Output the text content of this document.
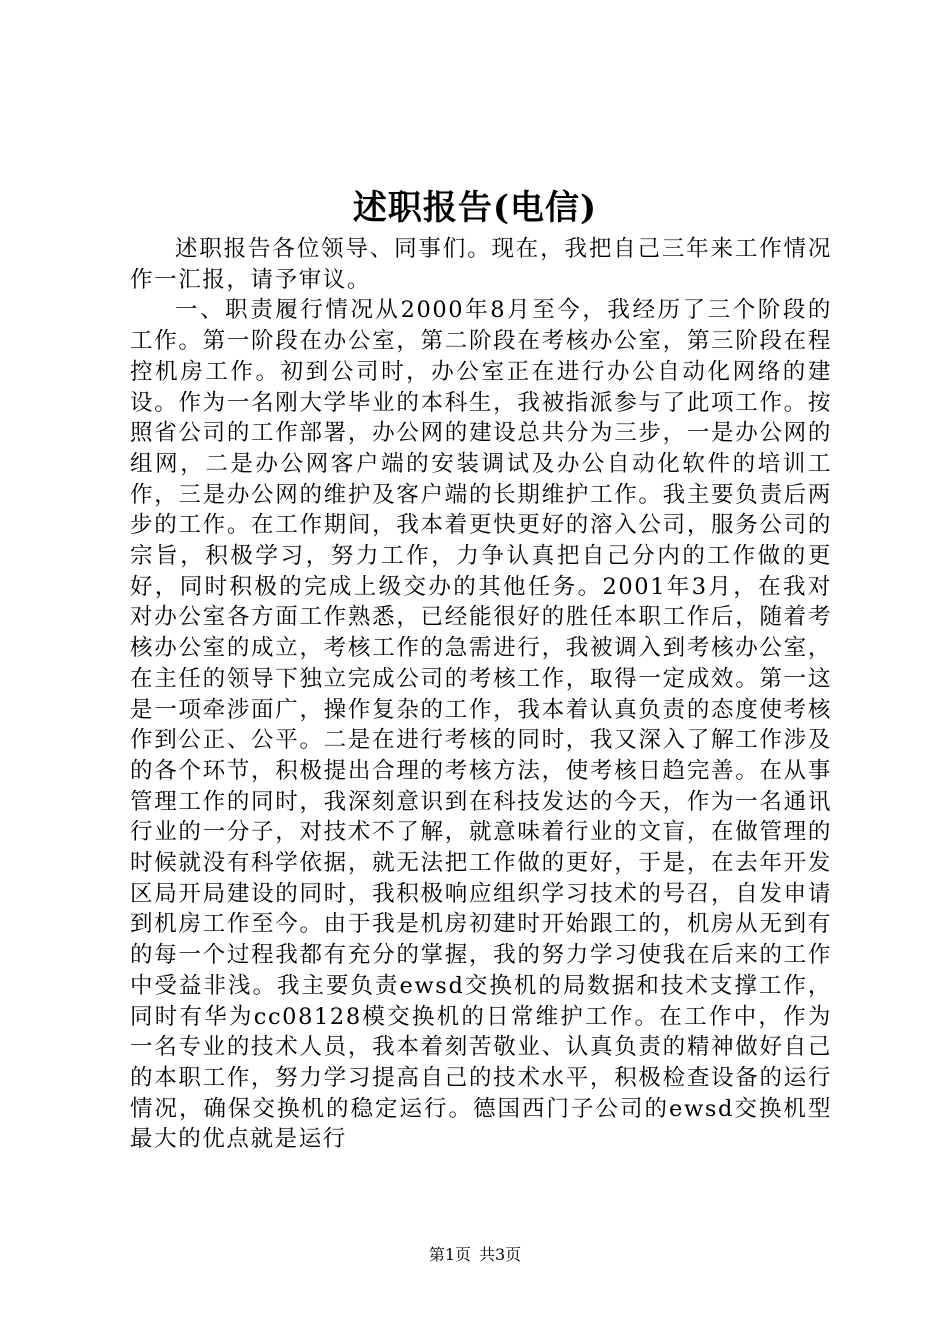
述职报告(电信)

述职报告各位领导、同事们。现在，我把自己三年来工作情况作一汇报，请予审议。

一、职责履行情况从2000年8月至今，我经历了三个阶段的工作。第一阶段在办公室，第二阶段在考核办公室，第三阶段在程控机房工作。初到公司时，办公室正在进行办公自动化网络的建设。作为一名刚大学毕业的本科生，我被指派参与了此项工作。按照省公司的工作部署，办公网的建设总共分为三步，一是办公网的组网，二是办公网客户端的安装调试及办公自动化软件的培训工作，三是办公网的维护及客户端的长期维护工作。我主要负责后两步的工作。在工作期间，我本着更快更好的溶入公司，服务公司的宗旨，积极学习，努力工作，力争认真把自己分内的工作做的更好，同时积极的完成上级交办的其他任务。2001年3月，在我对对办公室各方面工作熟悉，已经能很好的胜任本职工作后，随着考核办公室的成立，考核工作的急需进行，我被调入到考核办公室，在主任的领导下独立完成公司的考核工作，取得一定成效。第一这是一项牵涉面广，操作复杂的工作，我本着认真负责的态度使考核作到公正、公平。二是在进行考核的同时，我又深入了解工作涉及的各个环节，积极提出合理的考核方法，使考核日趋完善。在从事管理工作的同时，我深刻意识到在科技发达的今天，作为一名通讯行业的一分子，对技术不了解，就意味着行业的文盲，在做管理的时候就没有科学依据，就无法把工作做的更好，于是，在去年开发区局开局建设的同时，我积极响应组织学习技术的号召，自发申请到机房工作至今。由于我是机房初建时开始跟工的，机房从无到有的每一个过程我都有充分的掌握，我的努力学习使我在后来的工作中受益非浅。我主要负责ewsd交换机的局数据和技术支撑工作，同时有华为cc08128模交换机的日常维护工作。在工作中，作为一名专业的技术人员，我本着刻苦敬业、认真负责的精神做好自己的本职工作，努力学习提高自己的技术水平，积极检查设备的运行情况，确保交换机的稳定运行。德国西门子公司的ewsd交换机型最大的优点就是运行

第1页 共3页
